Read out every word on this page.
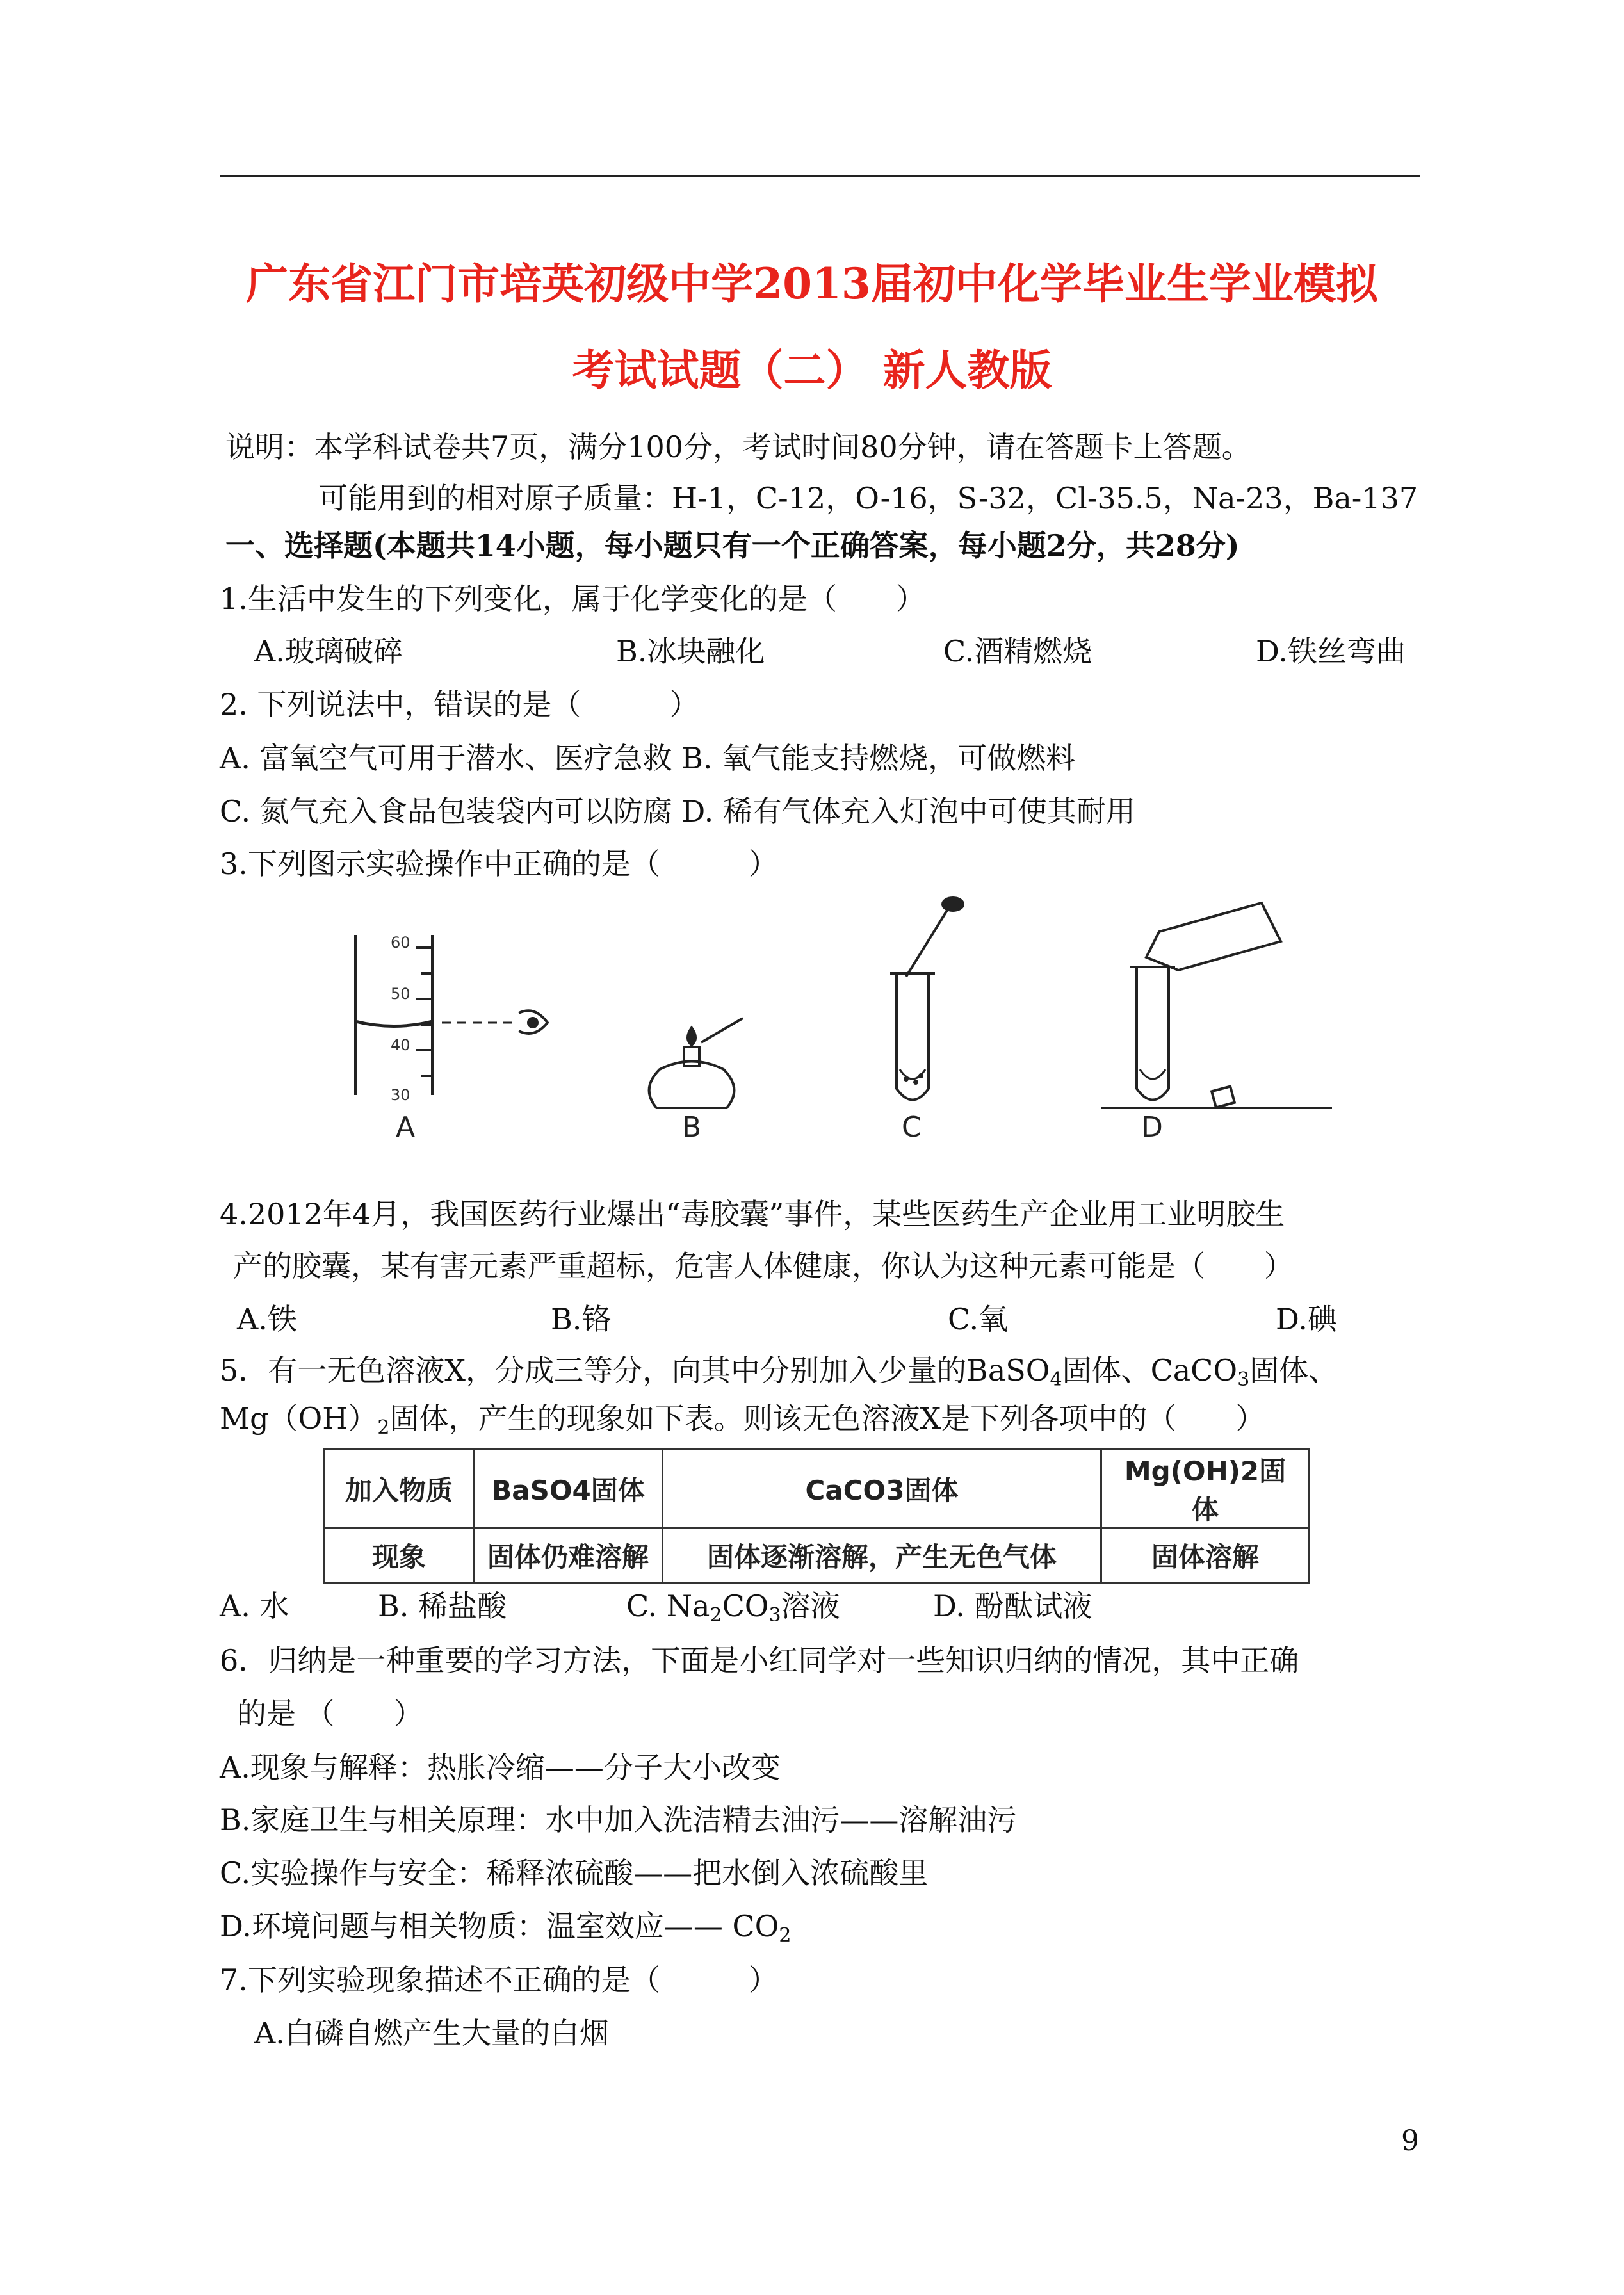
广东省江门市培英初级中学2013届初中化学毕业生学业模拟
考试试题（二） 新人教版
说明：本学科试卷共7页，满分100分，考试时间80分钟，请在答题卡上答题。
可能用到的相对原子质量：H-1，C-12，O-16，S-32，Cl-35.5，Na-23，Ba-137
一、选择题(本题共14小题，每小题只有一个正确答案，每小题2分，共28分)
1.生活中发生的下列变化，属于化学变化的是（　　）
A.玻璃破碎	B.冰块融化	C.酒精燃烧	D.铁丝弯曲
2. 下列说法中，错误的是（　　　）
A. 富氧空气可用于潜水、医疗急救 B. 氧气能支持燃烧，可做燃料
C. 氮气充入食品包装袋内可以防腐 D. 稀有气体充入灯泡中可使其耐用
3.下列图示实验操作中正确的是（　　　）
60
50
40
30
A	B	C	D
4.2012年4月，我国医药行业爆出“毒胶囊”事件，某些医药生产企业用工业明胶生
产的胶囊，某有害元素严重超标，危害人体健康，你认为这种元素可能是（　　）
A.铁	B.铬	C.氧	D.碘
5．有一无色溶液X，分成三等分，向其中分别加入少量的BaSO$_4$固体、CaCO$_3$固体、
$Mg(OH)_2$固体，产生的现象如下表。则该无色溶液X是下列各项中的（　　）
加入物质	BaSO4固体	CaCO3固体	Mg(OH)2固体
现象	固体仍难溶解	固体逐渐溶解，产生无色气体	固体溶解
A. 水	B. 稀盐酸	C. $Na_2CO_3$溶液	D. 酚酞试液
6．归纳是一种重要的学习方法，下面是小红同学对一些知识归纳的情况，其中正确
的是 （　　）
A.现象与解释：热胀冷缩——分子大小改变
B.家庭卫生与相关原理：水中加入洗洁精去油污——溶解油污
C.实验操作与安全：稀释浓硫酸——把水倒入浓硫酸里
D.环境问题与相关物质：温室效应—— $CO_2$
7.下列实验现象描述不正确的是（　　　）
A.白磷自燃产生大量的白烟
9
